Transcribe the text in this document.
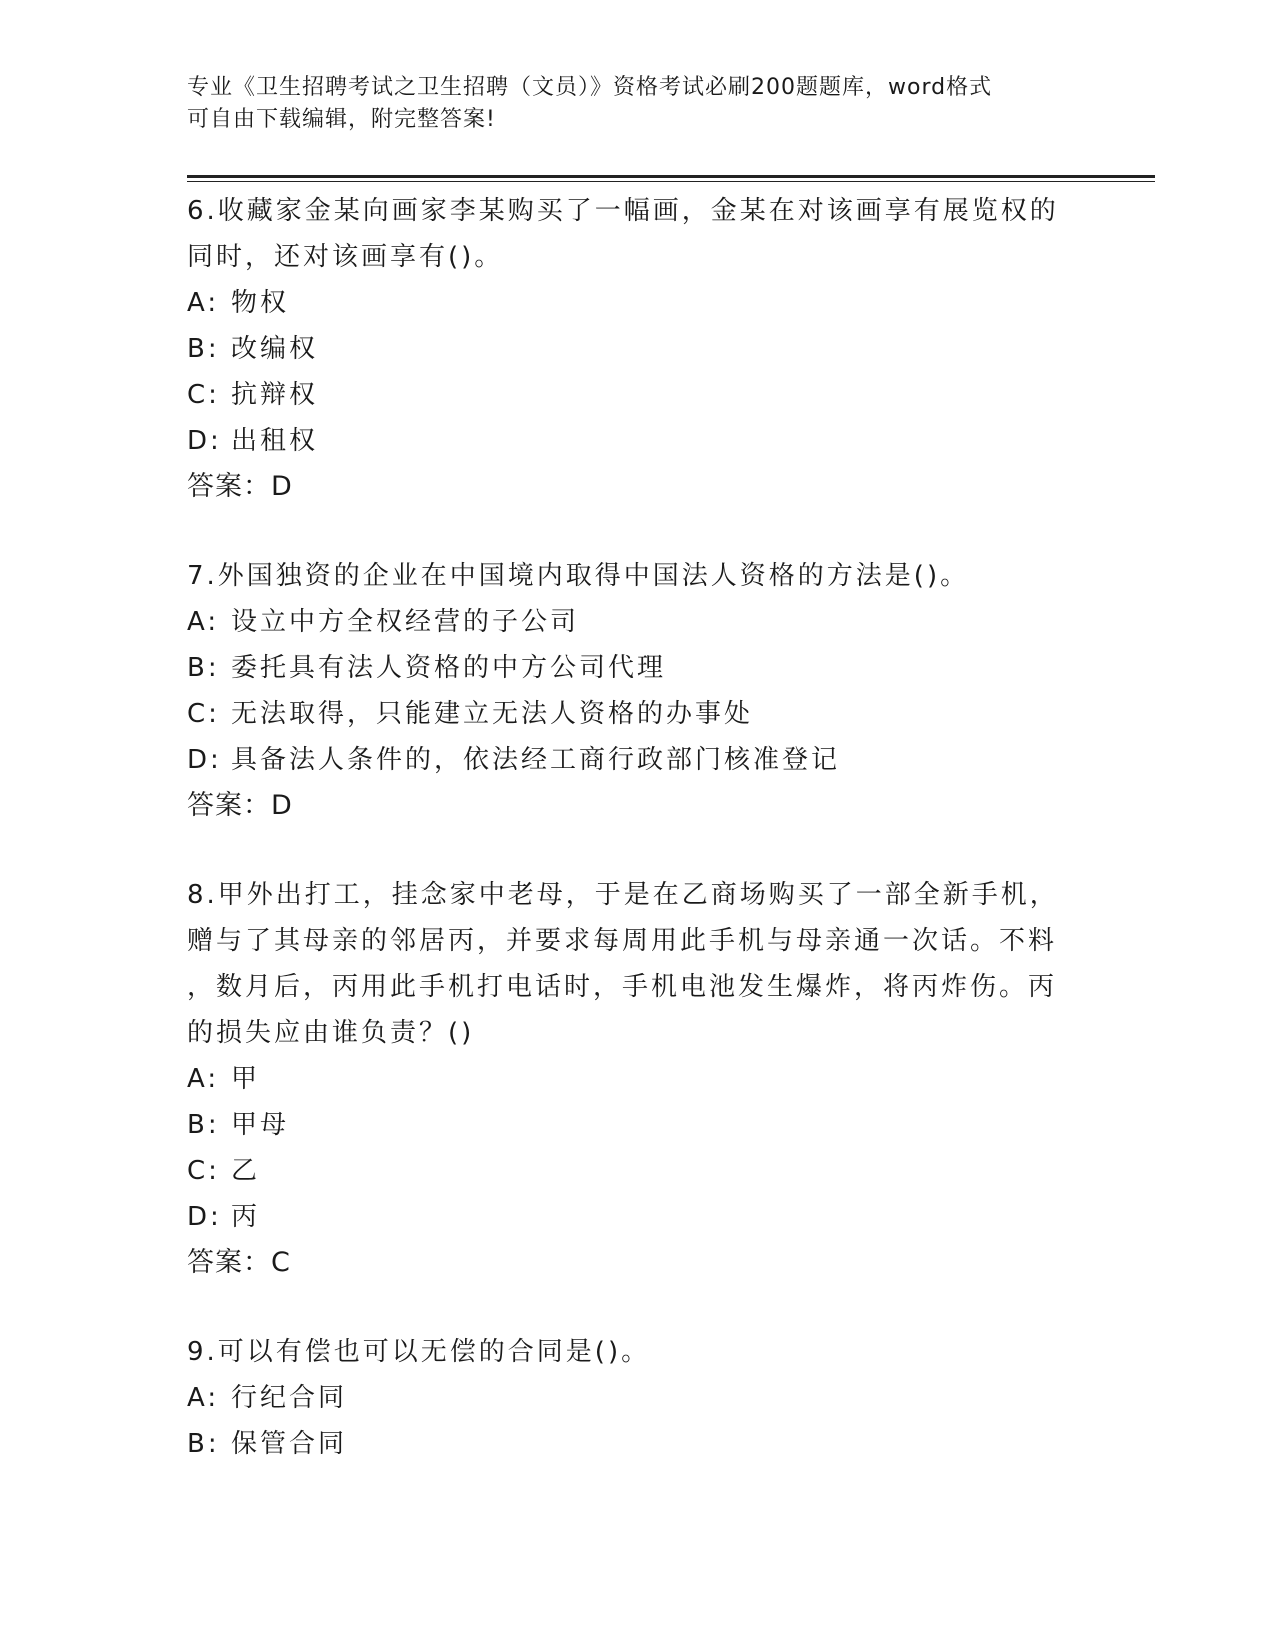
专业《卫生招聘考试之卫生招聘（文员）》资格考试必刷200题题库，word格式
可自由下载编辑，附完整答案!
6.收藏家金某向画家李某购买了一幅画，金某在对该画享有展览权的
同时，还对该画享有()。
A: 物权
B: 改编权
C: 抗辩权
D: 出租权
答案：D
7.外国独资的企业在中国境内取得中国法人资格的方法是()。
A: 设立中方全权经营的子公司
B: 委托具有法人资格的中方公司代理
C: 无法取得，只能建立无法人资格的办事处
D: 具备法人条件的，依法经工商行政部门核准登记
答案：D
8.甲外出打工，挂念家中老母，于是在乙商场购买了一部全新手机，
赠与了其母亲的邻居丙，并要求每周用此手机与母亲通一次话。不料
，数月后，丙用此手机打电话时，手机电池发生爆炸，将丙炸伤。丙
的损失应由谁负责？()
A: 甲
B: 甲母
C: 乙
D: 丙
答案：C
9.可以有偿也可以无偿的合同是()。
A: 行纪合同
B: 保管合同
